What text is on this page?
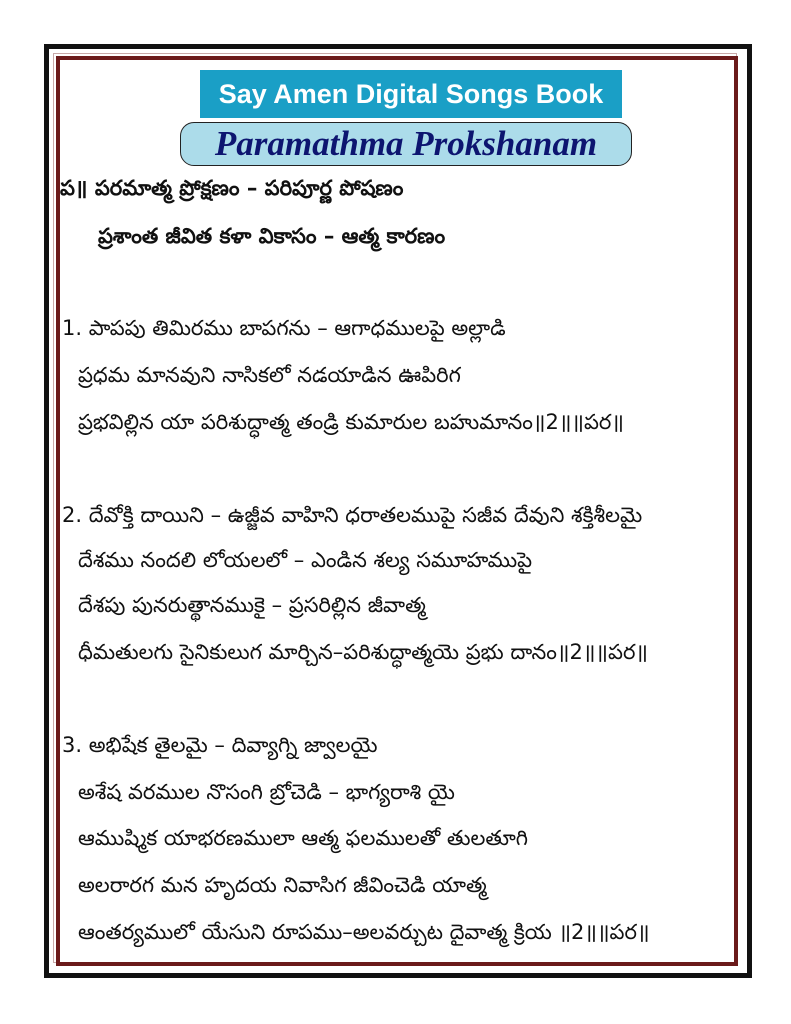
Say Amen Digital Songs Book
Paramathma Prokshanam
ప॥ పరమాత్మ ప్రోక్షణం – పరిపూర్ణ పోషణం
ప్రశాంత జీవిత కళా వికాసం – ఆత్మ కారణం
1. పాపపు తిమిరము బాపగను – ఆగాధములపై అల్లాడి
ప్రధమ మానవుని నాసికలో నడయాడిన ఊపిరిగ
ప్రభవిల్లిన యా పరిశుద్ధాత్మ తండ్రి కుమారుల బహుమానం॥2॥॥పర॥
2. దేవోక్తి దాయిని – ఉజ్జీవ వాహిని ధరాతలముపై సజీవ దేవుని శక్తిశీలమై
దేశము నందలి లోయలలో – ఎండిన శల్య సమూహముపై
దేశపు పునరుత్థానముకై – ప్రసరిల్లిన జీవాత్మ
ధీమతులగు సైనికులుగ మార్చిన–పరిశుద్ధాత్మయె ప్రభు దానం॥2॥॥పర॥
3. అభిషేక తైలమై – దివ్యాగ్ని జ్వాలయై
అశేష వరముల నొసంగి బ్రోచెడి – భాగ్యరాశి యై
ఆముష్మిక యాభరణములా ఆత్మ ఫలములతో తులతూగి
అలరారగ మన హృదయ నివాసిగ జీవించెడి యాత్మ
ఆంతర్యములో యేసుని రూపము–అలవర్చుట దైవాత్మ క్రియ ॥2॥॥పర॥
